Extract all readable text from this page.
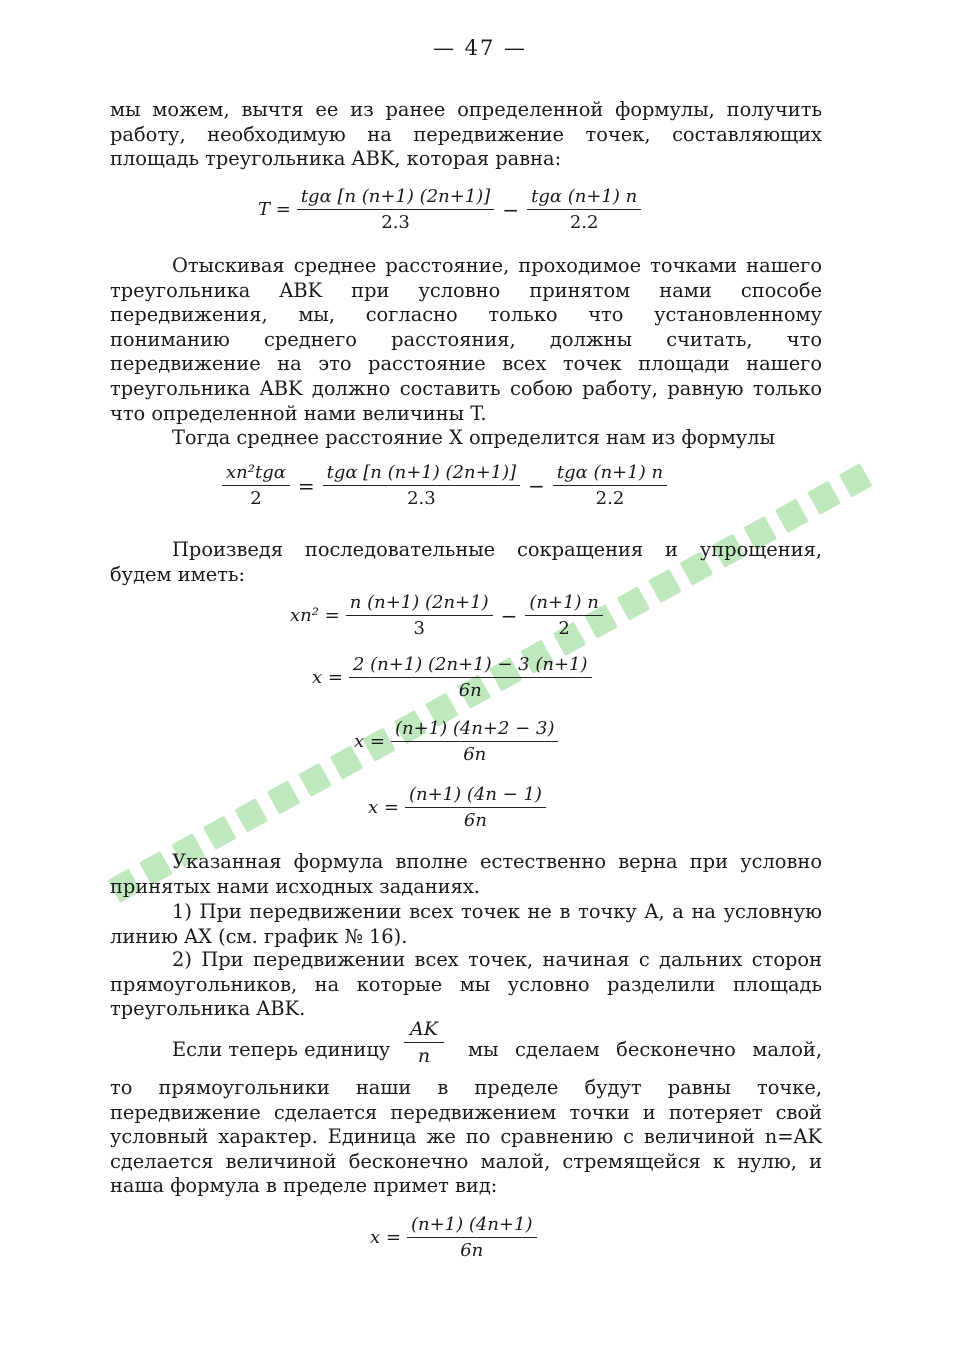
— 47 —

мы можем, вычтя ее из ранее определенной формулы, получить работу, необходимую на передвижение точек, составляющих площадь треугольника ABK, которая равна:

$T = \frac{\text{tgα [n (n+1) (2n+1)]}}{2.3} - \frac{\text{tgα (n+1) n}}{2.2}$

Отыскивая среднее расстояние, проходимое точками нашего треугольника ABK при условно принятом нами способе передвижения, мы, согласно только что установленному пониманию среднего расстояния, должны считать, что передвижение на это расстояние всех точек площади нашего треугольника ABK должно составить собою работу, равную только что определенной нами величины T.

Тогда среднее расстояние X определится нам из формулы

$\frac{\text{xn²tgα}}{2} = \frac{\text{tgα [n (n+1) (2n+1)]}}{2.3} - \frac{\text{tgα (n+1) n}}{2.2}$

Произведя последовательные сокращения и упрощения, будем иметь:

$xn^2 = \frac{n (n+1) (2n+1)}{3} - \frac{(n+1) n}{2}$
$x = \frac{2 (n+1) (2n+1) - 3 (n+1)}{6n}$
$x = \frac{(n+1) (4n+2 - 3)}{6n}$
$x = \frac{(n+1) (4n - 1)}{6n}$

Указанная формула вполне естественно верна при условно принятых нами исходных заданиях.

1) При передвижении всех точек не в точку A, а на условную линию AX (см. график № 16).

2) При передвижении всех точек, начиная с дальних сторон прямоугольников, на которые мы условно разделили площадь треугольника ABK.

Если теперь единицу $\frac{AK}{n}$ мы сделаем бесконечно малой,

то прямоугольники наши в пределе будут равны точке, передвижение сделается передвижением точки и потеряет свой условный характер. Единица же по сравнению с величиной n=AK сделается величиной бесконечно малой, стремящейся к нулю, и наша формула в пределе примет вид:

$x = \frac{(n+1) (4n+1)}{6n}$
